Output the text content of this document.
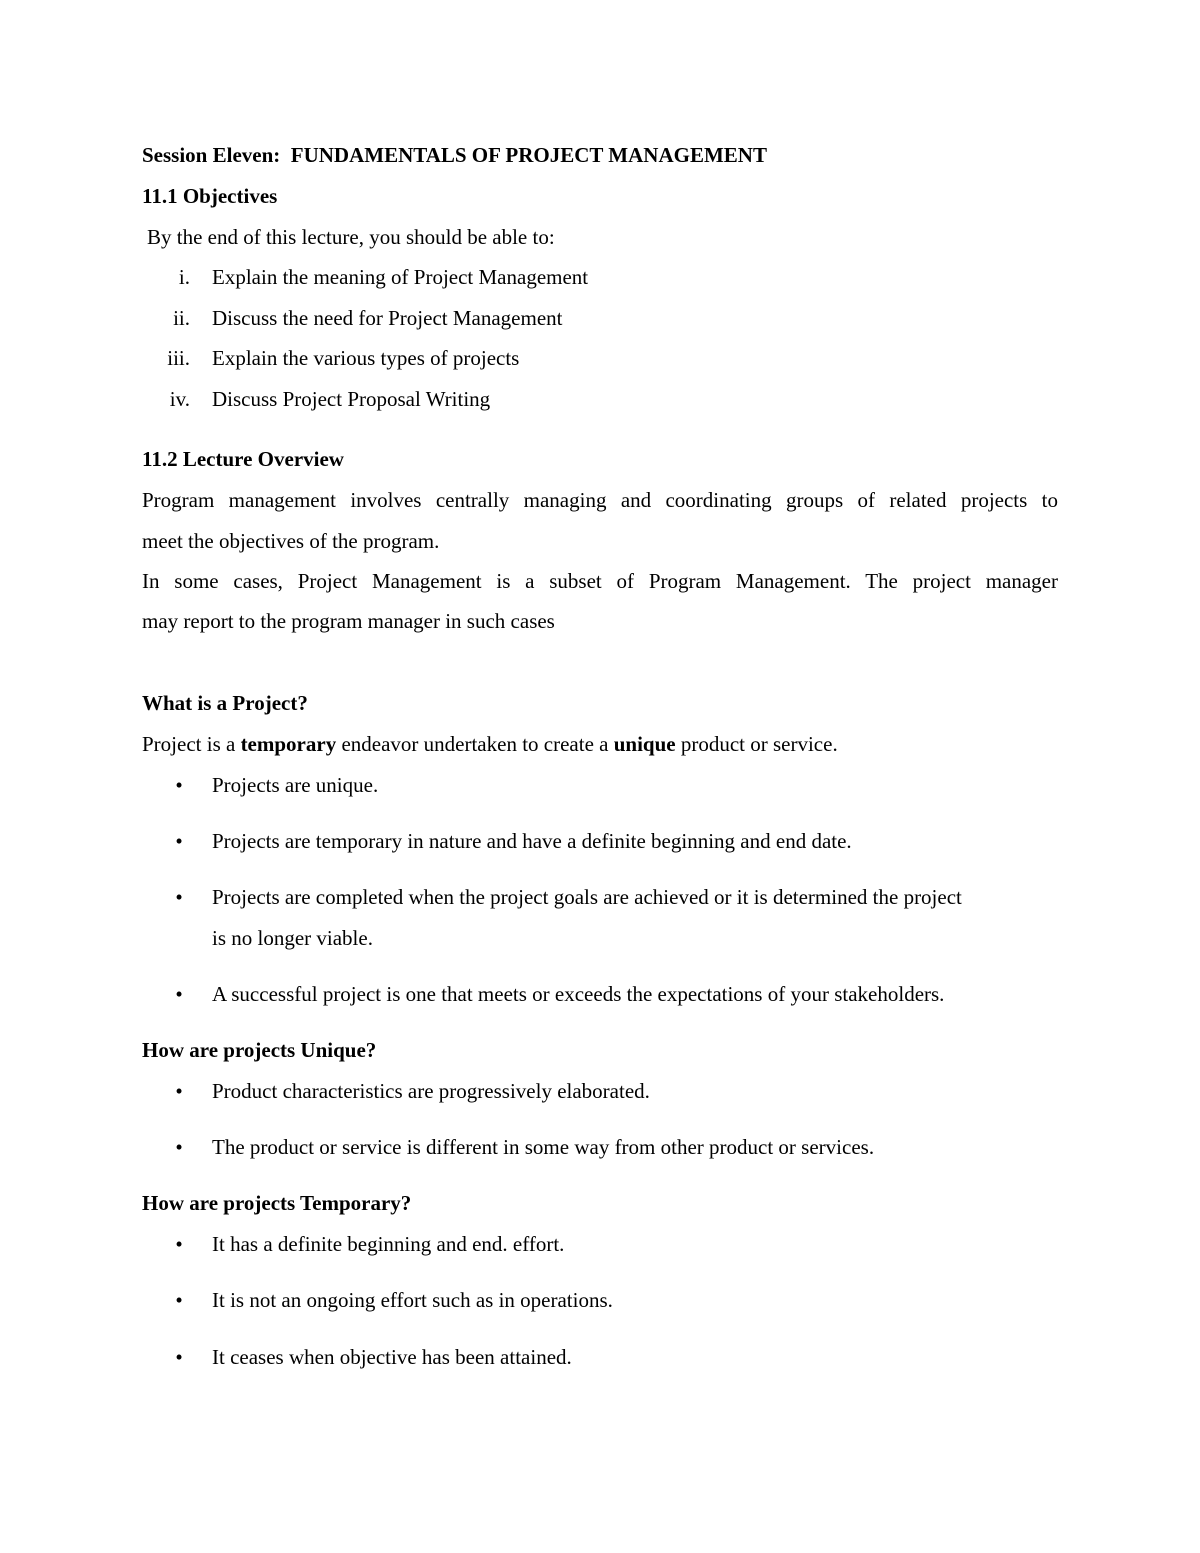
Session Eleven: FUNDAMENTALS OF PROJECT MANAGEMENT
11.1 Objectives
By the end of this lecture, you should be able to:
i. Explain the meaning of Project Management
ii. Discuss the need for Project Management
iii. Explain the various types of projects
iv. Discuss Project Proposal Writing
11.2 Lecture Overview
Program management involves centrally managing and coordinating groups of related projects to
meet the objectives of the program.
In some cases, Project Management is a subset of Program Management. The project manager
may report to the program manager in such cases
What is a Project?
Project is a temporary endeavor undertaken to create a unique product or service.
• Projects are unique.
• Projects are temporary in nature and have a definite beginning and end date.
• Projects are completed when the project goals are achieved or it is determined the project
is no longer viable.
• A successful project is one that meets or exceeds the expectations of your stakeholders.
How are projects Unique?
• Product characteristics are progressively elaborated.
• The product or service is different in some way from other product or services.
How are projects Temporary?
• It has a definite beginning and end. effort.
• It is not an ongoing effort such as in operations.
• It ceases when objective has been attained.
